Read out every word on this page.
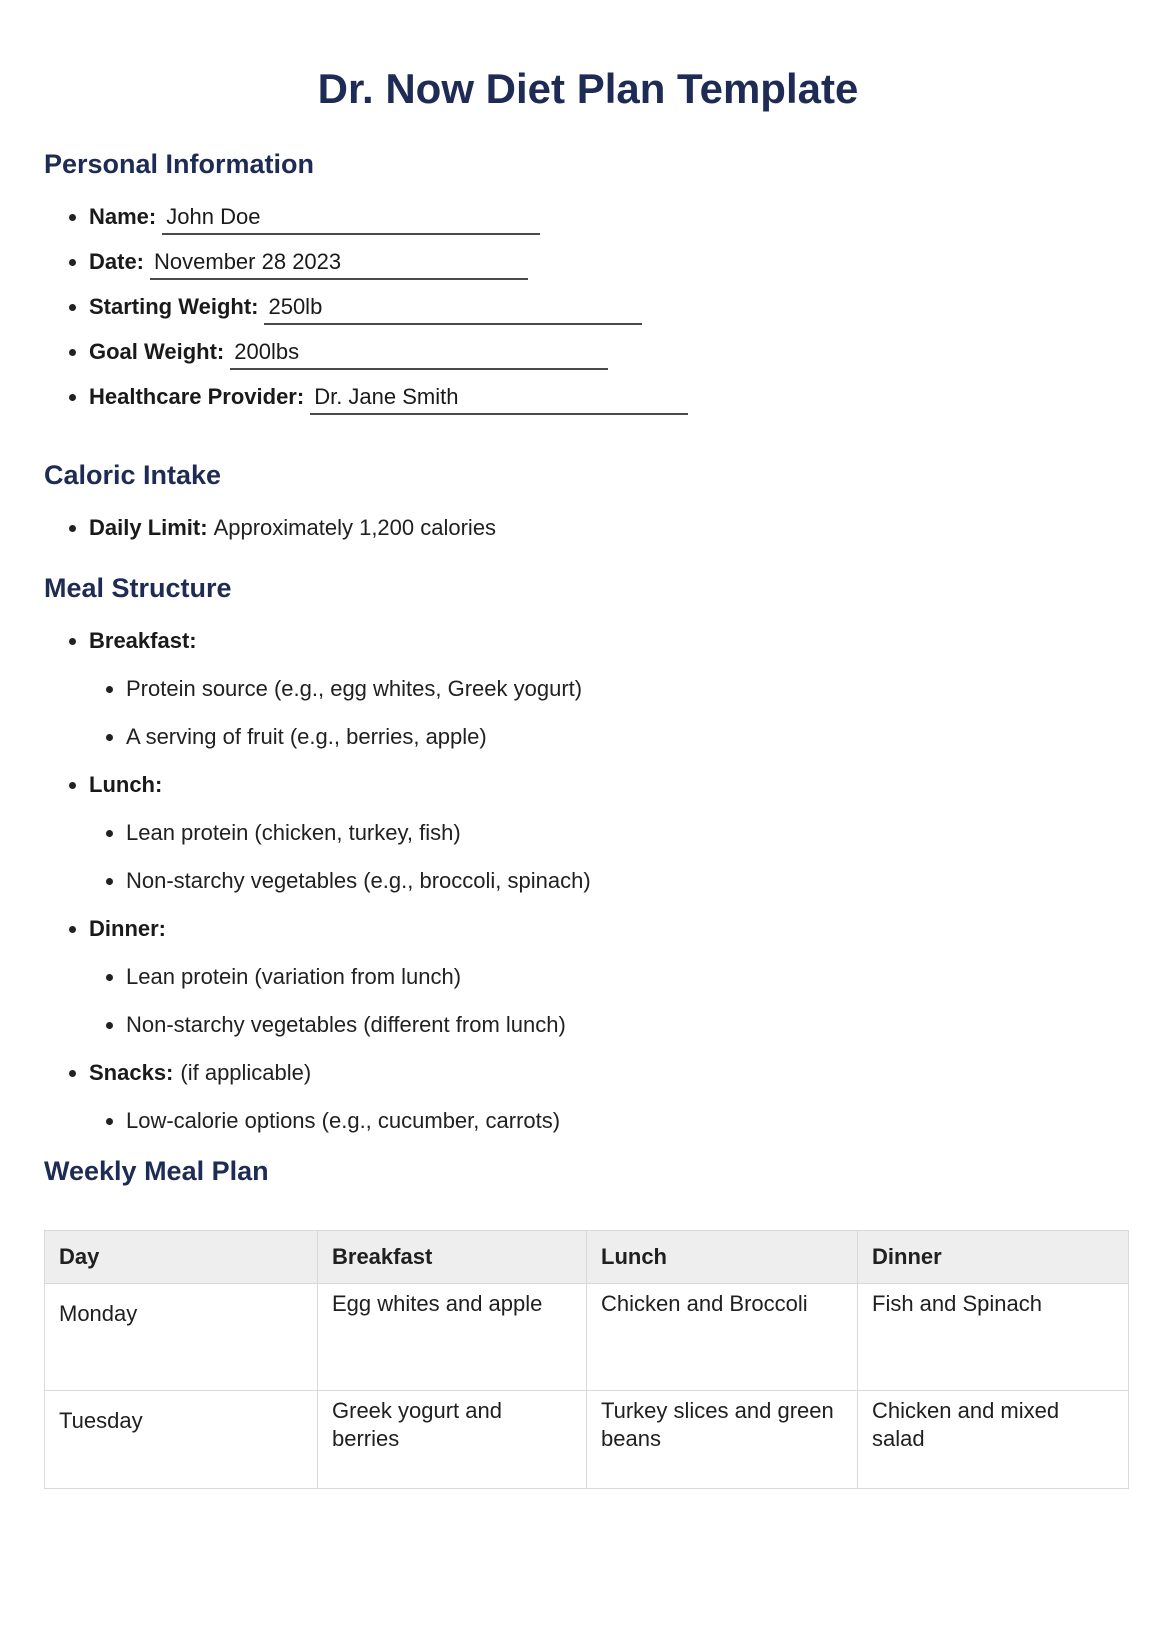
Dr. Now Diet Plan Template
Personal Information
• Name: John Doe
• Date: November 28 2023
• Starting Weight: 250lb
• Goal Weight: 200lbs
• Healthcare Provider: Dr. Jane Smith
Caloric Intake
• Daily Limit: Approximately 1,200 calories
Meal Structure
• Breakfast:
• Protein source (e.g., egg whites, Greek yogurt)
• A serving of fruit (e.g., berries, apple)
• Lunch:
• Lean protein (chicken, turkey, fish)
• Non-starchy vegetables (e.g., broccoli, spinach)
• Dinner:
• Lean protein (variation from lunch)
• Non-starchy vegetables (different from lunch)
• Snacks: (if applicable)
• Low-calorie options (e.g., cucumber, carrots)
Weekly Meal Plan
Day	Breakfast	Lunch	Dinner
Monday	Egg whites and apple	Chicken and Broccoli	Fish and Spinach
Tuesday	Greek yogurt and berries	Turkey slices and green beans	Chicken and mixed salad
